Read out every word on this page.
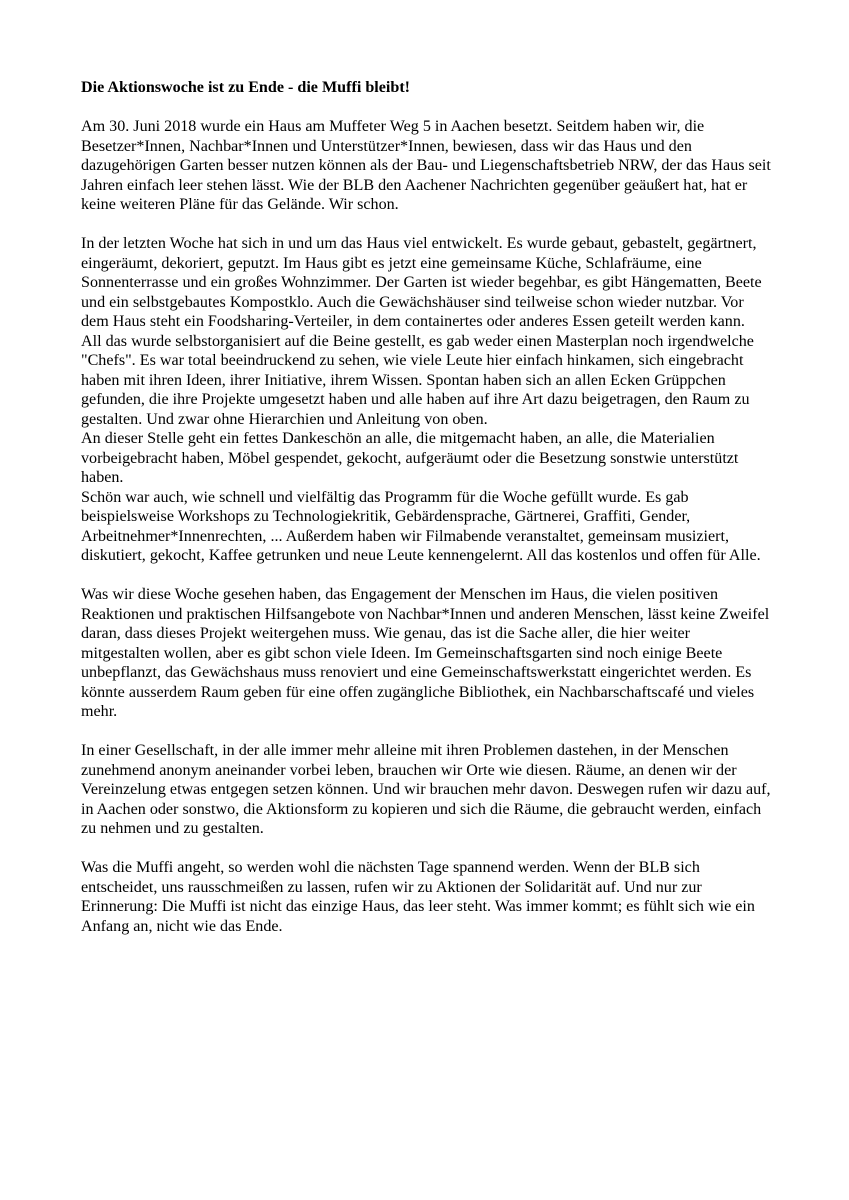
Die Aktionswoche ist zu Ende - die Muffi bleibt!

Am 30. Juni 2018 wurde ein Haus am Muffeter Weg 5 in Aachen besetzt. Seitdem haben wir, die Besetzer*Innen, Nachbar*Innen und Unterstützer*Innen, bewiesen, dass wir das Haus und den dazugehörigen Garten besser nutzen können als der Bau- und Liegenschaftsbetrieb NRW, der das Haus seit Jahren einfach leer stehen lässt. Wie der BLB den Aachener Nachrichten gegenüber geäußert hat, hat er keine weiteren Pläne für das Gelände. Wir schon.

In der letzten Woche hat sich in und um das Haus viel entwickelt. Es wurde gebaut, gebastelt, gegärtnert, eingeräumt, dekoriert, geputzt. Im Haus gibt es jetzt eine gemeinsame Küche, Schlafräume, eine Sonnenterrasse und ein großes Wohnzimmer. Der Garten ist wieder begehbar, es gibt Hängematten, Beete und ein selbstgebautes Kompostklo. Auch die Gewächshäuser sind teilweise schon wieder nutzbar. Vor dem Haus steht ein Foodsharing-Verteiler, in dem containertes oder anderes Essen geteilt werden kann.

All das wurde selbstorganisiert auf die Beine gestellt, es gab weder einen Masterplan noch irgendwelche "Chefs". Es war total beeindruckend zu sehen, wie viele Leute hier einfach hinkamen, sich eingebracht haben mit ihren Ideen, ihrer Initiative, ihrem Wissen. Spontan haben sich an allen Ecken Grüppchen gefunden, die ihre Projekte umgesetzt haben und alle haben auf ihre Art dazu beigetragen, den Raum zu gestalten. Und zwar ohne Hierarchien und Anleitung von oben.

An dieser Stelle geht ein fettes Dankeschön an alle, die mitgemacht haben, an alle, die Materialien vorbeigebracht haben, Möbel gespendet, gekocht, aufgeräumt oder die Besetzung sonstwie unterstützt haben.

Schön war auch, wie schnell und vielfältig das Programm für die Woche gefüllt wurde. Es gab beispielsweise Workshops zu Technologiekritik, Gebärdensprache, Gärtnerei, Graffiti, Gender, Arbeitnehmer*Innenrechten, ... Außerdem haben wir Filmabende veranstaltet, gemeinsam musiziert, diskutiert, gekocht, Kaffee getrunken und neue Leute kennengelernt. All das kostenlos und offen für Alle.

Was wir diese Woche gesehen haben, das Engagement der Menschen im Haus, die vielen positiven Reaktionen und praktischen Hilfsangebote von Nachbar*Innen und anderen Menschen, lässt keine Zweifel daran, dass dieses Projekt weitergehen muss. Wie genau, das ist die Sache aller, die hier weiter mitgestalten wollen, aber es gibt schon viele Ideen. Im Gemeinschaftsgarten sind noch einige Beete unbepflanzt, das Gewächshaus muss renoviert und eine Gemeinschaftswerkstatt eingerichtet werden. Es könnte ausserdem Raum geben für eine offen zugängliche Bibliothek, ein Nachbarschaftscafé und vieles mehr.

In einer Gesellschaft, in der alle immer mehr alleine mit ihren Problemen dastehen, in der Menschen zunehmend anonym aneinander vorbei leben, brauchen wir Orte wie diesen. Räume, an denen wir der Vereinzelung etwas entgegen setzen können. Und wir brauchen mehr davon. Deswegen rufen wir dazu auf, in Aachen oder sonstwo, die Aktionsform zu kopieren und sich die Räume, die gebraucht werden, einfach zu nehmen und zu gestalten.

Was die Muffi angeht, so werden wohl die nächsten Tage spannend werden. Wenn der BLB sich entscheidet, uns rausschmeißen zu lassen, rufen wir zu Aktionen der Solidarität auf. Und nur zur Erinnerung: Die Muffi ist nicht das einzige Haus, das leer steht. Was immer kommt; es fühlt sich wie ein Anfang an, nicht wie das Ende.
